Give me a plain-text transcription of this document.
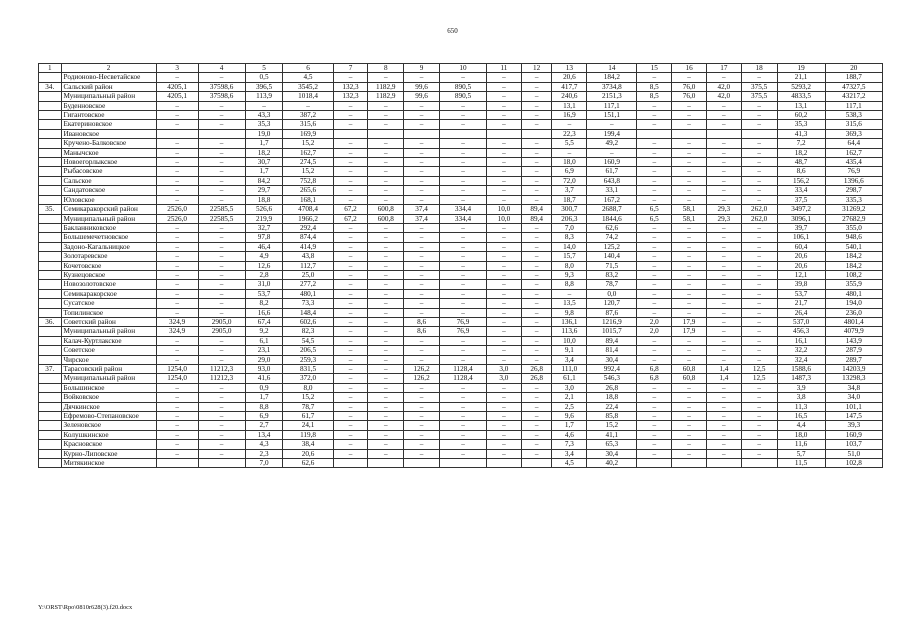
650
1	2	3	4	5	6	7	8	9	10	11	12	13	14	15	16	17	18	19	20
	Родионово-Несветайское	–	–	0,5	4,5	–	–	–	–	–	–	20,6	184,2	–	–	–	–	21,1	188,7
34.	Сальский район	4205,1	37598,6	396,5	3545,2	132,3	1182,9	99,6	890,5	–	–	417,7	3734,8	8,5	76,0	42,0	375,5	5293,2	47327,5
	Муниципальный район	4205,1	37598,6	113,9	1018,4	132,3	1182,9	99,6	890,5	–	–	240,6	2151,3	8,5	76,0	42,0	375,5	4833,5	43217,2
	Буденновское	–	–	–	–	–	–	–	–	–	–	13,1	117,1	–	–	–	–	13,1	117,1
	Гигантовское	–	–	43,3	387,2	–	–	–	–	–	–	16,9	151,1	–	–	–	–	60,2	538,3
	Екатериновское	–	–	35,3	315,6	–	–	–	–	–	–	–	–	–	–	–	–	35,3	315,6
	Ивановское			19,0	169,9							22,3	199,4					41,3	369,3
	Кручено-Балковское	–	–	1,7	15,2	–	–	–	–	–	–	5,5	49,2	–	–	–	–	7,2	64,4
	Манычское	–	–	18,2	162,7	–	–	–	–	–	–	–	–	–	–	–	–	18,2	162,7
	Новоегорлыкское	–	–	30,7	274,5	–	–	–	–	–	–	18,0	160,9	–	–	–	–	48,7	435,4
	Рыбасовское	–	–	1,7	15,2	–	–	–	–	–	–	6,9	61,7	–	–	–	–	8,6	76,9
	Сальское	–	–	84,2	752,8	–	–	–	–	–	–	72,0	643,8	–	–	–	–	156,2	1396,6
	Сандатовское	–	–	29,7	265,6	–	–	–	–	–	–	3,7	33,1	–	–	–	–	33,4	298,7
	Юловское	–	–	18,8	168,1	–	–	–	–	–	–	18,7	167,2	–	–	–	–	37,5	335,3
35.	Семикаракорский район	2526,0	22585,5	526,6	4708,4	67,2	600,8	37,4	334,4	10,0	89,4	300,7	2688,7	6,5	58,1	29,3	262,0	3497,2	31269,2
	Муниципальный район	2526,0	22585,5	219,9	1966,2	67,2	600,8	37,4	334,4	10,0	89,4	206,3	1844,6	6,5	58,1	29,3	262,0	3096,1	27682,9
	Бакланниковское	–	–	32,7	292,4	–	–	–	–	–	–	7,0	62,6	–	–	–	–	39,7	355,0
	Большемечетновское	–	–	97,8	874,4	–	–	–	–	–	–	8,3	74,2	–	–	–	–	106,1	948,6
	Задоно-Кагальницкое	–	–	46,4	414,9	–	–	–	–	–	–	14,0	125,2	–	–	–	–	60,4	540,1
	Золотаревское	–	–	4,9	43,8	–	–	–	–	–	–	15,7	140,4	–	–	–	–	20,6	184,2
	Кочетовское	–	–	12,6	112,7	–	–	–	–	–	–	8,0	71,5	–	–	–	–	20,6	184,2
	Кузнецовское	–	–	2,8	25,0	–	–	–	–	–	–	9,3	83,2	–	–	–	–	12,1	108,2
	Новозолотовское	–	–	31,0	277,2	–	–	–	–	–	–	8,8	78,7	–	–	–	–	39,8	355,9
	Семикаракорское	–	–	53,7	480,1	–	–	–	–	–	–	–	0,0	–	–	–	–	53,7	480,1
	Сусатское	–	–	8,2	73,3	–	–	–	–	–	–	13,5	120,7	–	–	–	–	21,7	194,0
	Топилинское	–	–	16,6	148,4	–	–	–	–	–	–	9,8	87,6	–	–	–	–	26,4	236,0
36.	Советский район	324,9	2905,0	67,4	602,6	–	–	8,6	76,9	–	–	136,1	1216,9	2,0	17,9	–	–	537,0	4801,4
	Муниципальный район	324,9	2905,0	9,2	82,3	–	–	8,6	76,9	–	–	113,6	1015,7	2,0	17,9	–	–	456,3	4079,9
	Калач-Куртлакское	–	–	6,1	54,5	–	–	–	–	–	–	10,0	89,4	–	–	–	–	16,1	143,9
	Советское	–	–	23,1	206,5	–	–	–	–	–	–	9,1	81,4	–	–	–	–	32,2	287,9
	Чирское	–	–	29,0	259,3	–	–	–	–	–	–	3,4	30,4	–	–	–	–	32,4	289,7
37.	Тарасовский район	1254,0	11212,3	93,0	831,5	–	–	126,2	1128,4	3,0	26,8	111,0	992,4	6,8	60,8	1,4	12,5	1588,6	14203,9
	Муниципальный район	1254,0	11212,3	41,6	372,0	–	–	126,2	1128,4	3,0	26,8	61,1	546,3	6,8	60,8	1,4	12,5	1487,3	13298,3
	Большинское	–	–	0,9	8,0	–	–	–	–	–	–	3,0	26,8	–	–	–	–	3,9	34,8
	Войковское	–	–	1,7	15,2	–	–	–	–	–	–	2,1	18,8	–	–	–	–	3,8	34,0
	Дячкинское	–	–	8,8	78,7	–	–	–	–	–	–	2,5	22,4	–	–	–	–	11,3	101,1
	Ефремово-Степановское	–	–	6,9	61,7	–	–	–	–	–	–	9,6	85,8	–	–	–	–	16,5	147,5
	Зеленовское	–	–	2,7	24,1	–	–	–	–	–	–	1,7	15,2	–	–	–	–	4,4	39,3
	Колушкинское	–	–	13,4	119,8	–	–	–	–	–	–	4,6	41,1	–	–	–	–	18,0	160,9
	Красновское	–	–	4,3	38,4	–	–	–	–	–	–	7,3	65,3	–	–	–	–	11,6	103,7
	Курно-Липовское	–	–	2,3	20,6	–	–	–	–	–	–	3,4	30,4	–	–	–	–	5,7	51,0
	Митякинское			7,0	62,6							4,5	40,2					11,5	102,8
Y:\ORST\Rpo\0810r628(3).f20.docx
